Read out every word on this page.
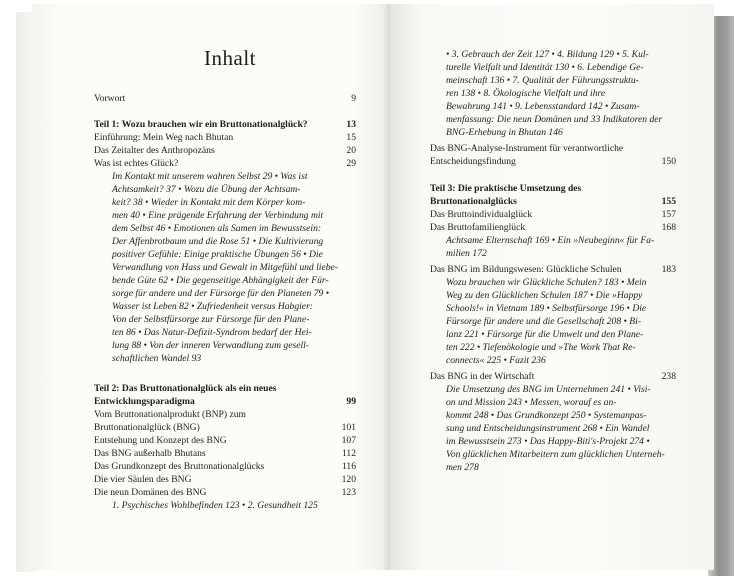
Inhalt
Vorwort	9
Teil 1: Wozu brauchen wir ein Bruttonationalglück?	13
Einführung: Mein Weg nach Bhutan	15
Das Zeitalter des Anthropozäns	20
Was ist echtes Glück?	29
Im Kontakt mit unserem wahren Selbst 29 • Was ist
Achtsamkeit? 37 • Wozu die Übung der Achtsam-
keit? 38 • Wieder in Kontakt mit dem Körper kom-
men 40 • Eine prägende Erfahrung der Verbindung mit
dem Selbst 46 • Emotionen als Samen im Bewusstsein:
Der Affenbrotbaum und die Rose 51 • Die Kultivierung
positiver Gefühle: Einige praktische Übungen 56 • Die
Verwandlung von Hass und Gewalt in Mitgefühl und liebe-
bende Güte 62 • Die gegenseitige Abhängigkeit der Für-
sorge für andere und der Fürsorge für den Planeten 79 •
Wasser ist Leben 82 • Zufriedenheit versus Habgier:
Von der Selbstfürsorge zur Fürsorge für den Plane-
ten 86 • Das Natur-Defizit-Syndrom bedarf der Hei-
lung 88 • Von der inneren Verwandlung zum gesell-
schaftlichen Wandel 93
Teil 2: Das Bruttonationalglück als ein neues
Entwicklungsparadigma	99
Vom Bruttonationalprodukt (BNP) zum
Bruttonationalglück (BNG)	101
Entstehung und Konzept des BNG	107
Das BNG außerhalb Bhutans	112
Das Grundkonzept des Bruttonationalglücks	116
Die vier Säulen des BNG	120
Die neun Domänen des BNG	123
1. Psychisches Wohlbefinden 123 • 2. Gesundheit 125
• 3. Gebrauch der Zeit 127 • 4. Bildung 129 • 5. Kul-
turelle Vielfalt und Identität 130 • 6. Lebendige Ge-
meinschaft 136 • 7. Qualität der Führungsstruktu-
ren 138 • 8. Ökologische Vielfalt und ihre
Bewahrung 141 • 9. Lebensstandard 142 • Zusam-
menfassung: Die neun Domänen und 33 Indikatoren der
BNG-Erhebung in Bhutan 146
Das BNG-Analyse-Instrument für verantwortliche
Entscheidungsfindung	150
Teil 3: Die praktische Umsetzung des
Bruttonationalglücks	155
Das Bruttoindividualglück	157
Das Bruttofamilienglück	168
Achtsame Elternschaft 169 • Ein »Neubeginn« für Fa-
milien 172
Das BNG im Bildungswesen: Glückliche Schulen	183
Wozu brauchen wir Glückliche Schulen? 183 • Mein
Weg zu den Glücklichen Schulen 187 • Die »Happy
Schools!« in Vietnam 189 • Selbstfürsorge 196 • Die
Fürsorge für andere und die Gesellschaft 208 • Bi-
lanz 221 • Fürsorge für die Umwelt und den Plane-
ten 222 • Tiefenökologie und »The Work That Re-
connects« 225 • Fazit 236
Das BNG in der Wirtschaft	238
Die Umsetzung des BNG im Unternehmen 241 • Visi-
on und Mission 243 • Messen, worauf es an-
kommt 248 • Das Grundkonzept 250 • Systemanpas-
sung und Entscheidungsinstrument 268 • Ein Wandel
im Bewusstsein 273 • Das Happy-Biti's-Projekt 274 •
Von glücklichen Mitarbeitern zum glücklichen Unterneh-
men 278
